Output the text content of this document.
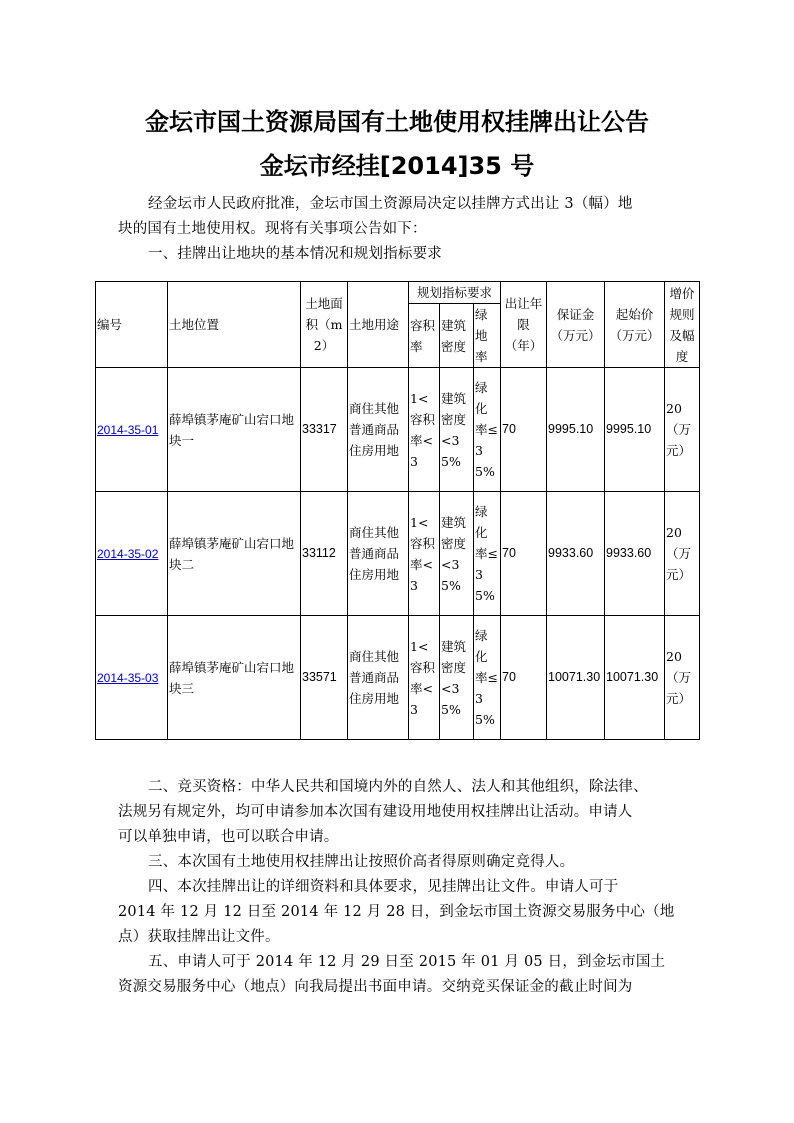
金坛市国土资源局国有土地使用权挂牌出让公告
金坛市经挂[2014]35 号
经金坛市人民政府批准，金坛市国土资源局决定以挂牌方式出让 3（幅）地
块的国有土地使用权。现将有关事项公告如下：
一、挂牌出让地块的基本情况和规划指标要求
编号	土地位置	土地面积（m2）	土地用途	规划指标要求			出让年限（年）	保证金（万元）	起始价（万元）	增价规则及幅度
				容积率	建筑密度	绿地率				
2014-35-01	薛埠镇茅庵矿山宕口地块一	33317	商住其他普通商品住房用地	1<容积率<3	建筑密度<35%	绿化率≤35%	70	9995.10	9995.10	20（万元）
2014-35-02	薛埠镇茅庵矿山宕口地块二	33112	商住其他普通商品住房用地	1<容积率<3	建筑密度<35%	绿化率≤35%	70	9933.60	9933.60	20（万元）
2014-35-03	薛埠镇茅庵矿山宕口地块三	33571	商住其他普通商品住房用地	1<容积率<3	建筑密度<35%	绿化率≤35%	70	10071.30	10071.30	20（万元）
二、竞买资格：中华人民共和国境内外的自然人、法人和其他组织，除法律、
法规另有规定外，均可申请参加本次国有建设用地使用权挂牌出让活动。申请人
可以单独申请，也可以联合申请。
三、本次国有土地使用权挂牌出让按照价高者得原则确定竞得人。
四、本次挂牌出让的详细资料和具体要求，见挂牌出让文件。申请人可于
2014 年 12 月 12 日至 2014 年 12 月 28 日，到金坛市国土资源交易服务中心（地
点）获取挂牌出让文件。
五、申请人可于 2014 年 12 月 29 日至 2015 年 01 月 05 日，到金坛市国土
资源交易服务中心（地点）向我局提出书面申请。交纳竞买保证金的截止时间为
